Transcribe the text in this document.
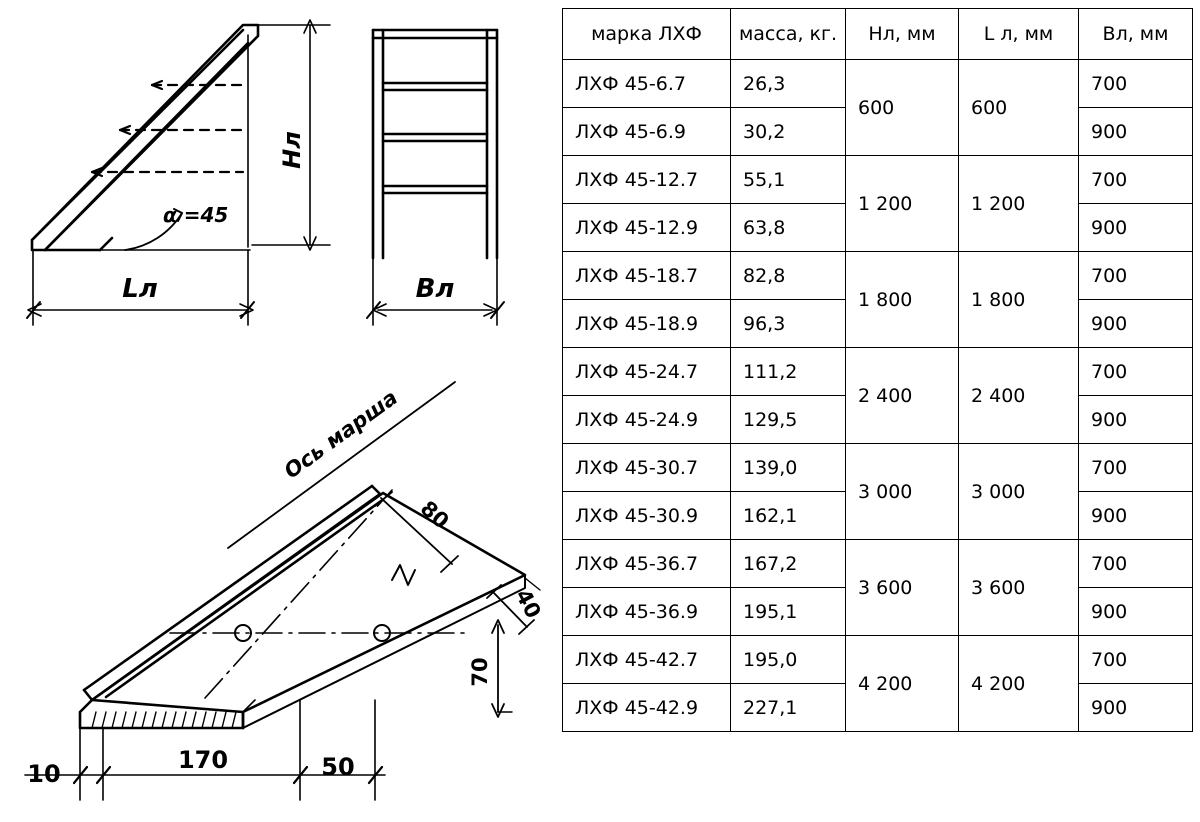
α =45
Нл
Lл	Вл
Ось марша
80
40
70
10	170	50
марка ЛХФ	масса, кг.	Нл, мм	L л, мм	Вл, мм
ЛХФ 45-6.7	26,3	600	600	700
ЛХФ 45-6.9	30,2			900
ЛХФ 45-12.7	55,1	1 200	1 200	700
ЛХФ 45-12.9	63,8			900
ЛХФ 45-18.7	82,8	1 800	1 800	700
ЛХФ 45-18.9	96,3			900
ЛХФ 45-24.7	111,2	2 400	2 400	700
ЛХФ 45-24.9	129,5			900
ЛХФ 45-30.7	139,0	3 000	3 000	700
ЛХФ 45-30.9	162,1			900
ЛХФ 45-36.7	167,2	3 600	3 600	700
ЛХФ 45-36.9	195,1			900
ЛХФ 45-42.7	195,0	4 200	4 200	700
ЛХФ 45-42.9	227,1			900
